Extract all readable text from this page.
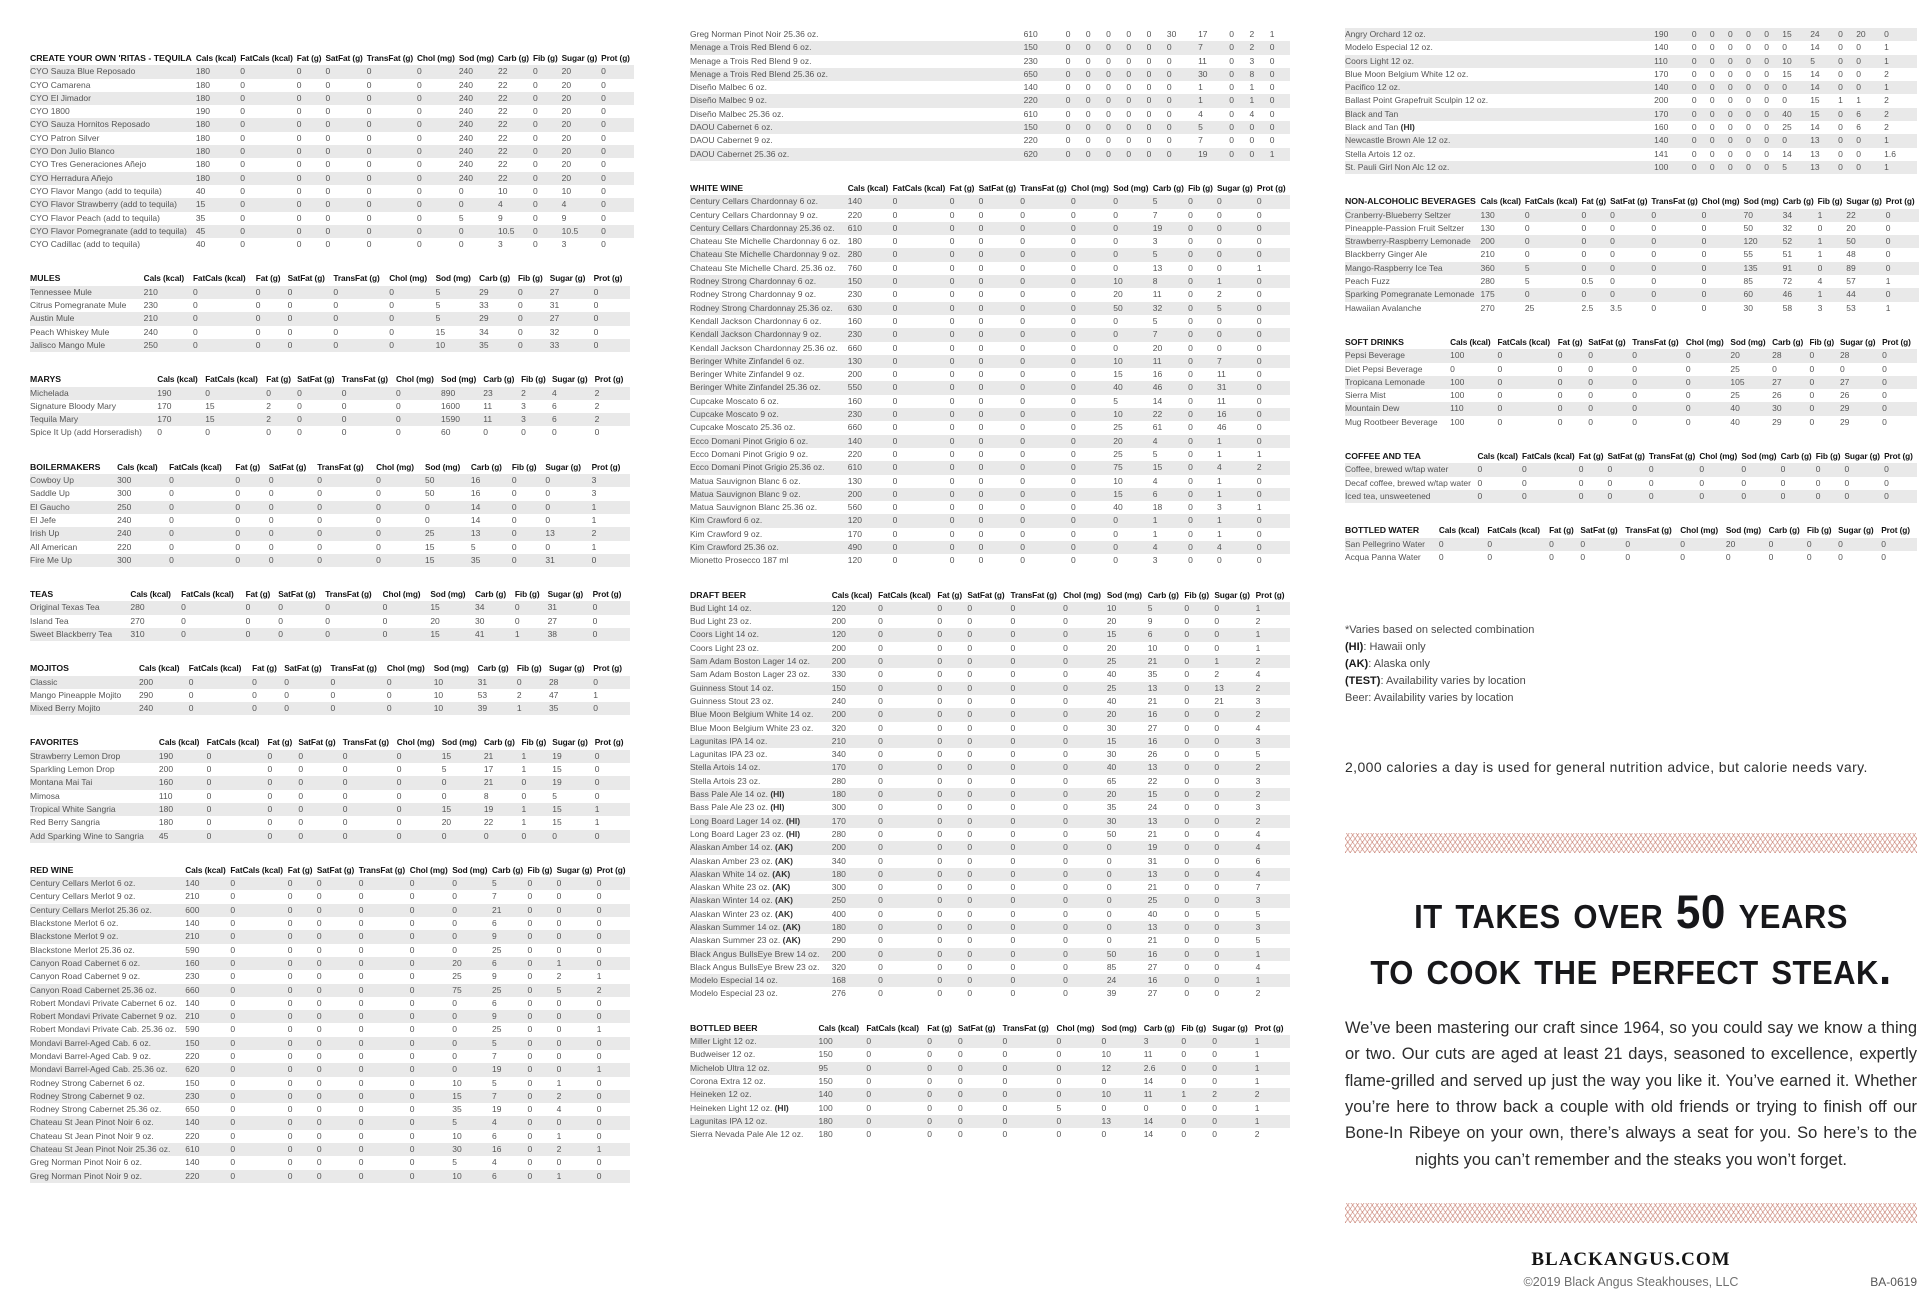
CREATE YOUR OWN 'RITAS - TEQUILA	Cals (kcal)	FatCals (kcal)	Fat (g)	SatFat (g)	TransFat (g)	Chol (mg)	Sod (mg)	Carb (g)	Fib (g)	Sugar (g)	Prot (g)
CYO Sauza Blue Reposado	180	0	0	0	0	0	240	22	0	20	0
CYO Camarena	180	0	0	0	0	0	240	22	0	20	0
CYO El Jimador	180	0	0	0	0	0	240	22	0	20	0
CYO 1800	190	0	0	0	0	0	240	22	0	20	0
CYO Sauza Hornitos Reposado	180	0	0	0	0	0	240	22	0	20	0
CYO Patron Silver	180	0	0	0	0	0	240	22	0	20	0
CYO Don Julio Blanco	180	0	0	0	0	0	240	22	0	20	0
CYO Tres Generaciones Añejo	180	0	0	0	0	0	240	22	0	20	0
CYO Herradura Añejo	180	0	0	0	0	0	240	22	0	20	0
CYO Flavor Mango (add to tequila)	40	0	0	0	0	0	0	10	0	10	0
CYO Flavor Strawberry (add to tequila)	15	0	0	0	0	0	0	4	0	4	0
CYO Flavor Peach (add to tequila)	35	0	0	0	0	0	5	9	0	9	0
CYO Flavor Pomegranate (add to tequila)	45	0	0	0	0	0	0	10.5	0	10.5	0
CYO Cadillac (add to tequila)	40	0	0	0	0	0	0	3	0	3	0
MULES	Cals (kcal)	FatCals (kcal)	Fat (g)	SatFat (g)	TransFat (g)	Chol (mg)	Sod (mg)	Carb (g)	Fib (g)	Sugar (g)	Prot (g)
Tennessee Mule	210	0	0	0	0	0	5	29	0	27	0
Citrus Pomegranate Mule	230	0	0	0	0	0	5	33	0	31	0
Austin Mule	210	0	0	0	0	0	5	29	0	27	0
Peach Whiskey Mule	240	0	0	0	0	0	15	34	0	32	0
Jalisco Mango Mule	250	0	0	0	0	0	10	35	0	33	0
MARYS	Cals (kcal)	FatCals (kcal)	Fat (g)	SatFat (g)	TransFat (g)	Chol (mg)	Sod (mg)	Carb (g)	Fib (g)	Sugar (g)	Prot (g)
Michelada	190	0	0	0	0	0	890	23	2	4	2
Signature Bloody Mary	170	15	2	0	0	0	1600	11	3	6	2
Tequila Mary	170	15	2	0	0	0	1590	11	3	6	2
Spice It Up (add Horseradish)	0	0	0	0	0	0	60	0	0	0	0
BOILERMAKERS	Cals (kcal)	FatCals (kcal)	Fat (g)	SatFat (g)	TransFat (g)	Chol (mg)	Sod (mg)	Carb (g)	Fib (g)	Sugar (g)	Prot (g)
Cowboy Up	300	0	0	0	0	0	50	16	0	0	3
Saddle Up	300	0	0	0	0	0	50	16	0	0	3
El Gaucho	250	0	0	0	0	0	0	14	0	0	1
El Jefe	240	0	0	0	0	0	0	14	0	0	1
Irish Up	240	0	0	0	0	0	25	13	0	13	2
All American	220	0	0	0	0	0	15	5	0	0	1
Fire Me Up	300	0	0	0	0	0	15	35	0	31	0
TEAS	Cals (kcal)	FatCals (kcal)	Fat (g)	SatFat (g)	TransFat (g)	Chol (mg)	Sod (mg)	Carb (g)	Fib (g)	Sugar (g)	Prot (g)
Original Texas Tea	280	0	0	0	0	0	15	34	0	31	0
Island Tea	270	0	0	0	0	0	20	30	0	27	0
Sweet Blackberry Tea	310	0	0	0	0	0	15	41	1	38	0
MOJITOS	Cals (kcal)	FatCals (kcal)	Fat (g)	SatFat (g)	TransFat (g)	Chol (mg)	Sod (mg)	Carb (g)	Fib (g)	Sugar (g)	Prot (g)
Classic	200	0	0	0	0	0	10	31	0	28	0
Mango Pineapple Mojito	290	0	0	0	0	0	10	53	2	47	1
Mixed Berry Mojito	240	0	0	0	0	0	10	39	1	35	0
FAVORITES	Cals (kcal)	FatCals (kcal)	Fat (g)	SatFat (g)	TransFat (g)	Chol (mg)	Sod (mg)	Carb (g)	Fib (g)	Sugar (g)	Prot (g)
Strawberry Lemon Drop	190	0	0	0	0	0	15	21	1	19	0
Sparkling Lemon Drop	200	0	0	0	0	0	5	17	1	15	0
Montana Mai Tai	160	0	0	0	0	0	0	21	0	19	0
Mimosa	110	0	0	0	0	0	0	8	0	5	0
Tropical White Sangria	180	0	0	0	0	0	15	19	1	15	1
Red Berry Sangria	180	0	0	0	0	0	20	22	1	15	1
Add Sparking Wine to Sangria	45	0	0	0	0	0	0	0	0	0	0
RED WINE	Cals (kcal)	FatCals (kcal)	Fat (g)	SatFat (g)	TransFat (g)	Chol (mg)	Sod (mg)	Carb (g)	Fib (g)	Sugar (g)	Prot (g)
Century Cellars Merlot 6 oz.	140	0	0	0	0	0	0	5	0	0	0
Century Cellars Merlot 9 oz.	210	0	0	0	0	0	0	7	0	0	0
Century Cellars Merlot 25.36 oz.	600	0	0	0	0	0	0	21	0	0	0
Blackstone Merlot 6 oz.	140	0	0	0	0	0	0	6	0	0	0
Blackstone Merlot 9 oz.	210	0	0	0	0	0	0	9	0	0	0
Blackstone Merlot 25.36 oz.	590	0	0	0	0	0	0	25	0	0	0
Canyon Road Cabernet 6 oz.	160	0	0	0	0	0	20	6	0	1	0
Canyon Road Cabernet 9 oz.	230	0	0	0	0	0	25	9	0	2	1
Canyon Road Cabernet 25.36 oz.	660	0	0	0	0	0	75	25	0	5	2
Robert Mondavi Private Cabernet 6 oz.	140	0	0	0	0	0	0	6	0	0	0
Robert Mondavi Private Cabernet 9 oz.	210	0	0	0	0	0	0	9	0	0	0
Robert Mondavi Private Cab. 25.36 oz.	590	0	0	0	0	0	0	25	0	0	1
Mondavi Barrel-Aged Cab. 6 oz.	150	0	0	0	0	0	0	5	0	0	0
Mondavi Barrel-Aged Cab. 9 oz.	220	0	0	0	0	0	0	7	0	0	0
Mondavi Barrel-Aged Cab. 25.36 oz.	620	0	0	0	0	0	0	19	0	0	1
Rodney Strong Cabernet 6 oz.	150	0	0	0	0	0	10	5	0	1	0
Rodney Strong Cabernet 9 oz.	230	0	0	0	0	0	15	7	0	2	0
Rodney Strong Cabernet 25.36 oz.	650	0	0	0	0	0	35	19	0	4	0
Chateau St Jean Pinot Noir 6 oz.	140	0	0	0	0	0	5	4	0	0	0
Chateau St Jean Pinot Noir 9 oz.	220	0	0	0	0	0	10	6	0	1	0
Chateau St Jean Pinot Noir 25.36 oz.	610	0	0	0	0	0	30	16	0	2	1
Greg Norman Pinot Noir 6 oz.	140	0	0	0	0	0	5	4	0	0	0
Greg Norman Pinot Noir 9 oz.	220	0	0	0	0	0	10	6	0	1	0
Greg Norman Pinot Noir 25.36 oz.	610	0	0	0	0	0	30	17	0	2	1
Menage a Trois Red Blend 6 oz.	150	0	0	0	0	0	0	7	0	2	0
Menage a Trois Red Blend 9 oz.	230	0	0	0	0	0	0	11	0	3	0
Menage a Trois Red Blend 25.36 oz.	650	0	0	0	0	0	0	30	0	8	0
Diseño Malbec 6 oz.	140	0	0	0	0	0	0	1	0	1	0
Diseño Malbec 9 oz.	220	0	0	0	0	0	0	1	0	1	0
Diseño Malbec 25.36 oz.	610	0	0	0	0	0	0	4	0	4	0
DAOU Cabernet 6 oz.	150	0	0	0	0	0	0	5	0	0	0
DAOU Cabernet 9 oz.	220	0	0	0	0	0	0	7	0	0	0
DAOU Cabernet 25.36 oz.	620	0	0	0	0	0	0	19	0	0	1
WHITE WINE	Cals (kcal)	FatCals (kcal)	Fat (g)	SatFat (g)	TransFat (g)	Chol (mg)	Sod (mg)	Carb (g)	Fib (g)	Sugar (g)	Prot (g)
Century Cellars Chardonnay 6 oz.	140	0	0	0	0	0	0	5	0	0	0
Century Cellars Chardonnay 9 oz.	220	0	0	0	0	0	0	7	0	0	0
Century Cellars Chardonnay 25.36 oz.	610	0	0	0	0	0	0	19	0	0	0
Chateau Ste Michelle Chardonnay 6 oz.	180	0	0	0	0	0	0	3	0	0	0
Chateau Ste Michelle Chardonnay 9 oz.	280	0	0	0	0	0	0	5	0	0	0
Chateau Ste Michelle Chard. 25.36 oz.	760	0	0	0	0	0	0	13	0	0	1
Rodney Strong Chardonnay 6 oz.	150	0	0	0	0	0	10	8	0	1	0
Rodney Strong Chardonnay 9 oz.	230	0	0	0	0	0	20	11	0	2	0
Rodney Strong Chardonnay 25.36 oz.	630	0	0	0	0	0	50	32	0	5	0
Kendall Jackson Chardonnay 6 oz.	160	0	0	0	0	0	0	5	0	0	0
Kendall Jackson Chardonnay 9 oz.	230	0	0	0	0	0	0	7	0	0	0
Kendall Jackson Chardonnay 25.36 oz.	660	0	0	0	0	0	0	20	0	0	0
Beringer White Zinfandel 6 oz.	130	0	0	0	0	0	10	11	0	7	0
Beringer White Zinfandel 9 oz.	200	0	0	0	0	0	15	16	0	11	0
Beringer White Zinfandel 25.36 oz.	550	0	0	0	0	0	40	46	0	31	0
Cupcake Moscato 6 oz.	160	0	0	0	0	0	5	14	0	11	0
Cupcake Moscato 9 oz.	230	0	0	0	0	0	10	22	0	16	0
Cupcake Moscato 25.36 oz.	660	0	0	0	0	0	25	61	0	46	0
Ecco Domani Pinot Grigio 6 oz.	140	0	0	0	0	0	20	4	0	1	0
Ecco Domani Pinot Grigio 9 oz.	220	0	0	0	0	0	25	5	0	1	1
Ecco Domani Pinot Grigio 25.36 oz.	610	0	0	0	0	0	75	15	0	4	2
Matua Sauvignon Blanc 6 oz.	130	0	0	0	0	0	10	4	0	1	0
Matua Sauvignon Blanc 9 oz.	200	0	0	0	0	0	15	6	0	1	0
Matua Sauvignon Blanc 25.36 oz.	560	0	0	0	0	0	40	18	0	3	1
Kim Crawford 6 oz.	120	0	0	0	0	0	0	1	0	1	0
Kim Crawford 9 oz.	170	0	0	0	0	0	0	1	0	1	0
Kim Crawford 25.36 oz.	490	0	0	0	0	0	0	4	0	4	0
Mionetto Prosecco 187 ml	120	0	0	0	0	0	0	3	0	0	0
DRAFT BEER	Cals (kcal)	FatCals (kcal)	Fat (g)	SatFat (g)	TransFat (g)	Chol (mg)	Sod (mg)	Carb (g)	Fib (g)	Sugar (g)	Prot (g)
Bud Light 14 oz.	120	0	0	0	0	0	10	5	0	0	1
Bud Light 23 oz.	200	0	0	0	0	0	20	9	0	0	2
Coors Light 14 oz.	120	0	0	0	0	0	15	6	0	0	1
Coors Light 23 oz.	200	0	0	0	0	0	20	10	0	0	1
Sam Adam Boston Lager 14 oz.	200	0	0	0	0	0	25	21	0	1	2
Sam Adam Boston Lager 23 oz.	330	0	0	0	0	0	40	35	0	2	4
Guinness Stout 14 oz.	150	0	0	0	0	0	25	13	0	13	2
Guinness Stout 23 oz.	240	0	0	0	0	0	40	21	0	21	3
Blue Moon Belgium White 14 oz.	200	0	0	0	0	0	20	16	0	0	2
Blue Moon Belgium White 23 oz.	320	0	0	0	0	0	30	27	0	0	4
Lagunitas IPA 14 oz.	210	0	0	0	0	0	15	16	0	0	3
Lagunitas IPA 23 oz.	340	0	0	0	0	0	30	26	0	0	5
Stella Artois 14 oz.	170	0	0	0	0	0	40	13	0	0	2
Stella Artois 23 oz.	280	0	0	0	0	0	65	22	0	0	3
Bass Pale Ale 14 oz. (HI)	180	0	0	0	0	0	20	15	0	0	2
Bass Pale Ale 23 oz. (HI)	300	0	0	0	0	0	35	24	0	0	3
Long Board Lager 14 oz. (HI)	170	0	0	0	0	0	30	13	0	0	2
Long Board Lager 23 oz. (HI)	280	0	0	0	0	0	50	21	0	0	4
Alaskan Amber 14 oz. (AK)	200	0	0	0	0	0	0	19	0	0	4
Alaskan Amber 23 oz. (AK)	340	0	0	0	0	0	0	31	0	0	6
Alaskan White 14 oz. (AK)	180	0	0	0	0	0	0	13	0	0	4
Alaskan White 23 oz. (AK)	300	0	0	0	0	0	0	21	0	0	7
Alaskan Winter 14 oz. (AK)	250	0	0	0	0	0	0	25	0	0	3
Alaskan Winter 23 oz. (AK)	400	0	0	0	0	0	0	40	0	0	5
Alaskan Summer 14 oz. (AK)	180	0	0	0	0	0	0	13	0	0	3
Alaskan Summer 23 oz. (AK)	290	0	0	0	0	0	0	21	0	0	5
Black Angus BullsEye Brew 14 oz.	200	0	0	0	0	0	50	16	0	0	1
Black Angus BullsEye Brew 23 oz.	320	0	0	0	0	0	85	27	0	0	4
Modelo Especial 14 oz.	168	0	0	0	0	0	24	16	0	0	1
Modelo Especial 23 oz.	276	0	0	0	0	0	39	27	0	0	2
BOTTLED BEER	Cals (kcal)	FatCals (kcal)	Fat (g)	SatFat (g)	TransFat (g)	Chol (mg)	Sod (mg)	Carb (g)	Fib (g)	Sugar (g)	Prot (g)
Miller Light 12 oz.	100	0	0	0	0	0	0	3	0	0	1
Budweiser 12 oz.	150	0	0	0	0	0	10	11	0	0	1
Michelob Ultra 12 oz.	95	0	0	0	0	0	12	2.6	0	0	1
Corona Extra 12 oz.	150	0	0	0	0	0	0	14	0	0	1
Heineken 12 oz.	140	0	0	0	0	0	10	11	1	2	2
Heineken Light 12 oz. (HI)	100	0	0	0	0	5	0	0	0	0	1
Lagunitas IPA 12 oz.	180	0	0	0	0	0	13	14	0	0	1
Sierra Nevada Pale Ale 12 oz.	180	0	0	0	0	0	0	14	0	0	2
Angry Orchard 12 oz.	190	0	0	0	0	0	15	24	0	20	0
Modelo Especial 12 oz.	140	0	0	0	0	0	0	14	0	0	1
Coors Light 12 oz.	110	0	0	0	0	0	10	5	0	0	1
Blue Moon Belgium White 12 oz.	170	0	0	0	0	0	15	14	0	0	2
Pacifico 12 oz.	140	0	0	0	0	0	0	14	0	0	1
Ballast Point Grapefruit Sculpin 12 oz.	200	0	0	0	0	0	0	15	1	1	2
Black and Tan	170	0	0	0	0	0	40	15	0	6	2
Black and Tan (HI)	160	0	0	0	0	0	25	14	0	6	2
Newcastle Brown Ale 12 oz.	140	0	0	0	0	0	0	13	0	0	1
Stella Artois 12 oz.	141	0	0	0	0	0	14	13	0	0	1.6
St. Pauli Girl Non Alc 12 oz.	100	0	0	0	0	0	5	13	0	0	1
NON-ALCOHOLIC BEVERAGES	Cals (kcal)	FatCals (kcal)	Fat (g)	SatFat (g)	TransFat (g)	Chol (mg)	Sod (mg)	Carb (g)	Fib (g)	Sugar (g)	Prot (g)
Cranberry-Blueberry Seltzer	130	0	0	0	0	0	70	34	1	22	0
Pineapple-Passion Fruit Seltzer	130	0	0	0	0	0	50	32	0	20	0
Strawberry-Raspberry Lemonade	200	0	0	0	0	0	120	52	1	50	0
Blackberry Ginger Ale	210	0	0	0	0	0	55	51	1	48	0
Mango-Raspberry Ice Tea	360	5	0	0	0	0	135	91	0	89	0
Peach Fuzz	280	5	0.5	0	0	0	85	72	4	57	1
Sparking Pomegranate Lemonade	175	0	0	0	0	0	60	46	1	44	0
Hawaiian Avalanche	270	25	2.5	3.5	0	0	30	58	3	53	1
SOFT DRINKS	Cals (kcal)	FatCals (kcal)	Fat (g)	SatFat (g)	TransFat (g)	Chol (mg)	Sod (mg)	Carb (g)	Fib (g)	Sugar (g)	Prot (g)
Pepsi Beverage	100	0	0	0	0	0	20	28	0	28	0
Diet Pepsi Beverage	0	0	0	0	0	0	25	0	0	0	0
Tropicana Lemonade	100	0	0	0	0	0	105	27	0	27	0
Sierra Mist	100	0	0	0	0	0	25	26	0	26	0
Mountain Dew	110	0	0	0	0	0	40	30	0	29	0
Mug Rootbeer Beverage	100	0	0	0	0	0	40	29	0	29	0
COFFEE AND TEA	Cals (kcal)	FatCals (kcal)	Fat (g)	SatFat (g)	TransFat (g)	Chol (mg)	Sod (mg)	Carb (g)	Fib (g)	Sugar (g)	Prot (g)
Coffee, brewed w/tap water	0	0	0	0	0	0	0	0	0	0	0
Decaf coffee, brewed w/tap water	0	0	0	0	0	0	0	0	0	0	0
Iced tea, unsweetened	0	0	0	0	0	0	0	0	0	0	0
BOTTLED WATER	Cals (kcal)	FatCals (kcal)	Fat (g)	SatFat (g)	TransFat (g)	Chol (mg)	Sod (mg)	Carb (g)	Fib (g)	Sugar (g)	Prot (g)
San Pellegrino Water	0	0	0	0	0	0	20	0	0	0	0
Acqua Panna Water	0	0	0	0	0	0	0	0	0	0	0
*Varies based on selected combination
(HI): Hawaii only
(AK): Alaska only
(TEST): Availability varies by location
Beer: Availability varies by location
2,000 calories a day is used for general nutrition advice, but calorie needs vary.
it takes over 50 years
to cook the perfect steak.
We’ve been mastering our craft since 1964, so you could say we know a thing or two. Our cuts are aged at least 21 days, seasoned to excellence, expertly flame-grilled and served up just the way you like it. You’ve earned it. Whether you’re here to throw back a couple with old friends or trying to finish off our Bone-In Ribeye on your own, there’s always a seat for you. So here’s to the nights you can’t remember and the steaks you won’t forget.
BLACKANGUS.COM
©2019 Black Angus Steakhouses, LLC	BA-0619
